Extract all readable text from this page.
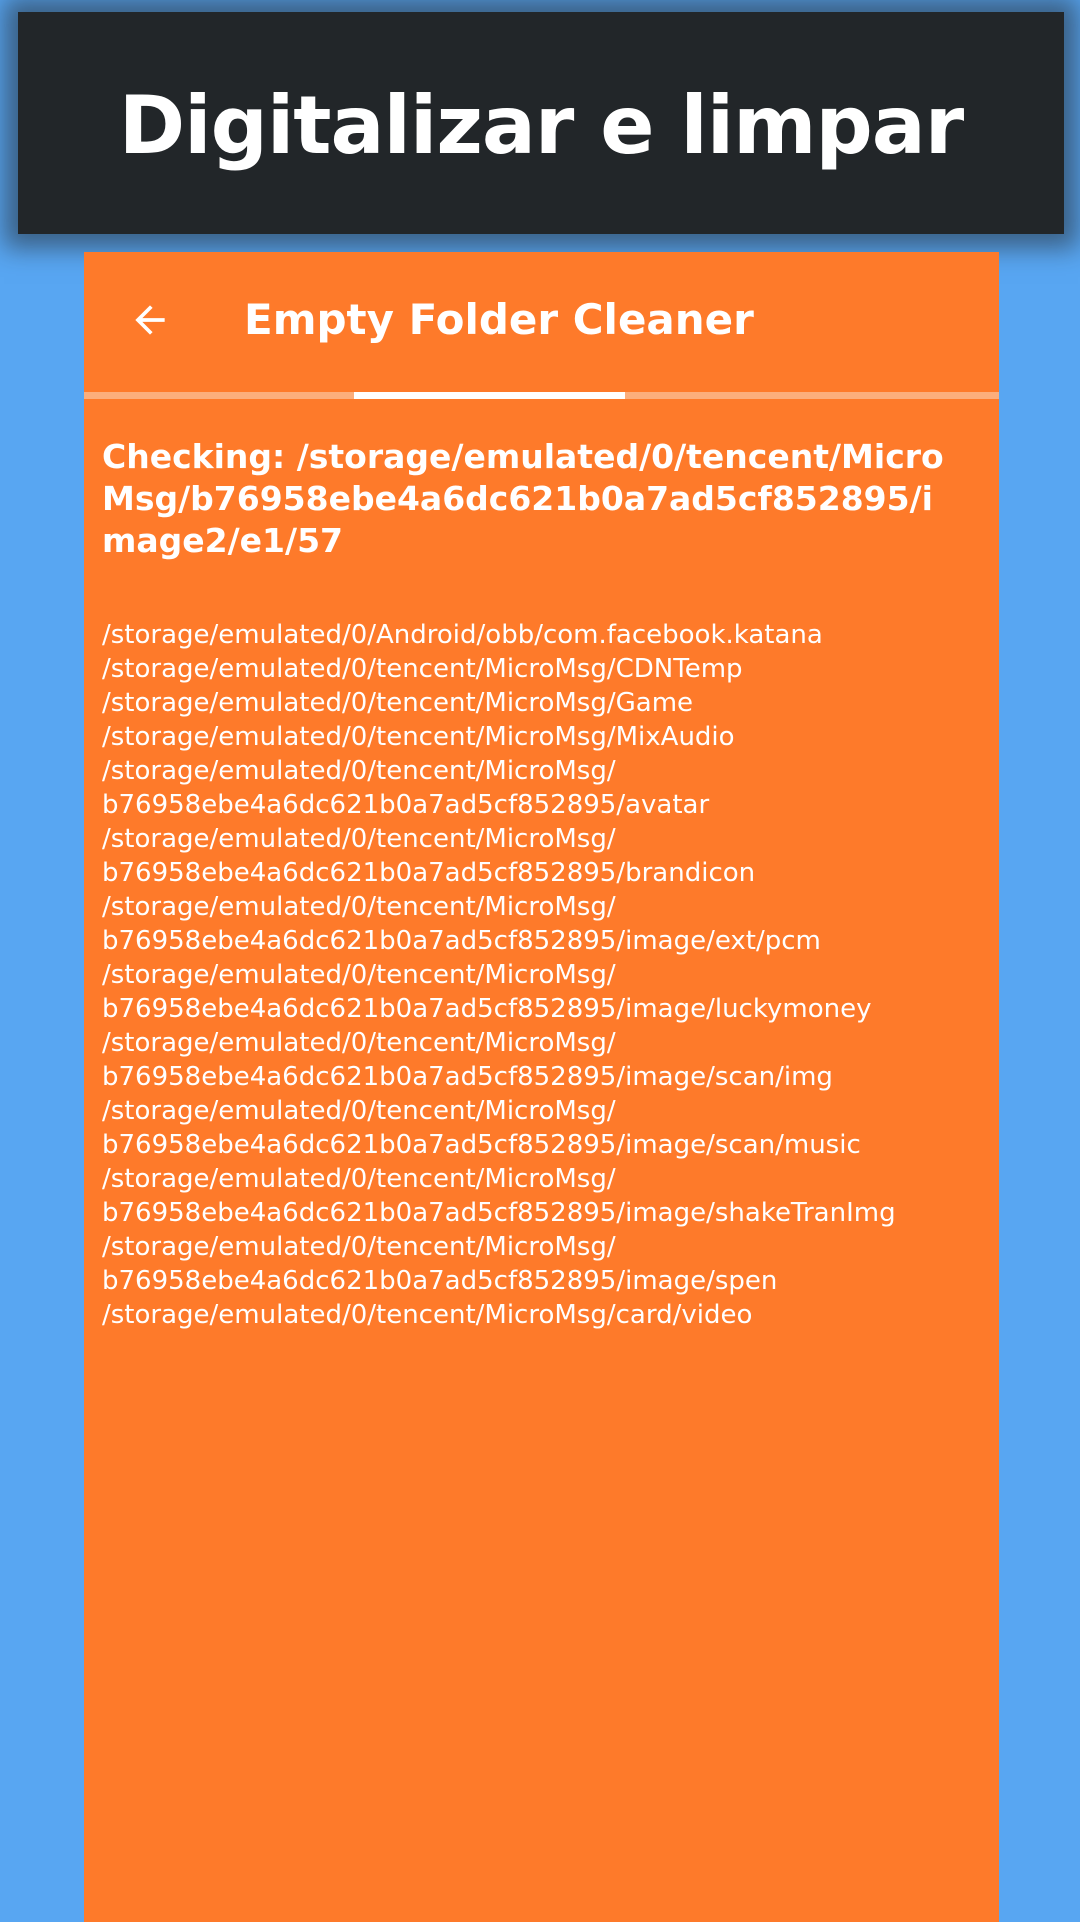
Digitalizar e limpar
Empty Folder Cleaner
Checking: /storage/emulated/0/tencent/MicroMsg/b76958ebe4a6dc621b0a7ad5cf852895/image2/e1/57
/storage/emulated/0/Android/obb/com.facebook.katana
/storage/emulated/0/tencent/MicroMsg/CDNTemp
/storage/emulated/0/tencent/MicroMsg/Game
/storage/emulated/0/tencent/MicroMsg/MixAudio
/storage/emulated/0/tencent/MicroMsg/
b76958ebe4a6dc621b0a7ad5cf852895/avatar
/storage/emulated/0/tencent/MicroMsg/
b76958ebe4a6dc621b0a7ad5cf852895/brandicon
/storage/emulated/0/tencent/MicroMsg/
b76958ebe4a6dc621b0a7ad5cf852895/image/ext/pcm
/storage/emulated/0/tencent/MicroMsg/
b76958ebe4a6dc621b0a7ad5cf852895/image/luckymoney
/storage/emulated/0/tencent/MicroMsg/
b76958ebe4a6dc621b0a7ad5cf852895/image/scan/img
/storage/emulated/0/tencent/MicroMsg/
b76958ebe4a6dc621b0a7ad5cf852895/image/scan/music
/storage/emulated/0/tencent/MicroMsg/
b76958ebe4a6dc621b0a7ad5cf852895/image/shakeTranImg
/storage/emulated/0/tencent/MicroMsg/
b76958ebe4a6dc621b0a7ad5cf852895/image/spen
/storage/emulated/0/tencent/MicroMsg/card/video
